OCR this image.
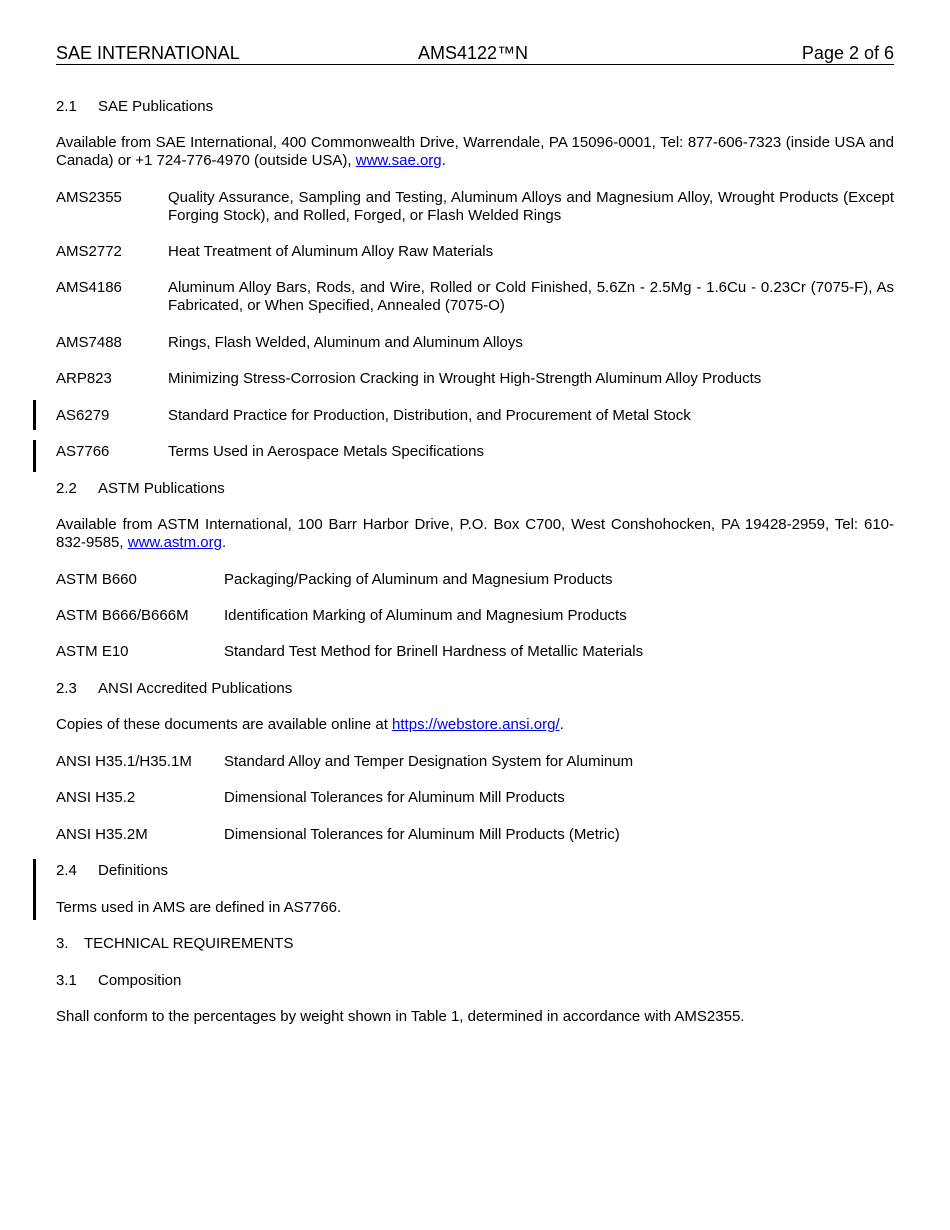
SAE INTERNATIONAL	AMS4122™N	Page 2 of 6
2.1 SAE Publications
Available from SAE International, 400 Commonwealth Drive, Warrendale, PA 15096-0001, Tel: 877-606-7323 (inside USA and Canada) or +1 724-776-4970 (outside USA), www.sae.org.
AMS2355	Quality Assurance, Sampling and Testing, Aluminum Alloys and Magnesium Alloy, Wrought Products (Except Forging Stock), and Rolled, Forged, or Flash Welded Rings
AMS2772	Heat Treatment of Aluminum Alloy Raw Materials
AMS4186	Aluminum Alloy Bars, Rods, and Wire, Rolled or Cold Finished, 5.6Zn - 2.5Mg - 1.6Cu - 0.23Cr (7075-F), As Fabricated, or When Specified, Annealed (7075-O)
AMS7488	Rings, Flash Welded, Aluminum and Aluminum Alloys
ARP823	Minimizing Stress-Corrosion Cracking in Wrought High-Strength Aluminum Alloy Products
AS6279	Standard Practice for Production, Distribution, and Procurement of Metal Stock
AS7766	Terms Used in Aerospace Metals Specifications
2.2 ASTM Publications
Available from ASTM International, 100 Barr Harbor Drive, P.O. Box C700, West Conshohocken, PA 19428-2959, Tel: 610-832-9585, www.astm.org.
ASTM B660	Packaging/Packing of Aluminum and Magnesium Products
ASTM B666/B666M Identification Marking of Aluminum and Magnesium Products
ASTM E10	Standard Test Method for Brinell Hardness of Metallic Materials
2.3 ANSI Accredited Publications
Copies of these documents are available online at https://webstore.ansi.org/.
ANSI H35.1/H35.1M Standard Alloy and Temper Designation System for Aluminum
ANSI H35.2	Dimensional Tolerances for Aluminum Mill Products
ANSI H35.2M	Dimensional Tolerances for Aluminum Mill Products (Metric)
2.4 Definitions
Terms used in AMS are defined in AS7766.
3. TECHNICAL REQUIREMENTS
3.1 Composition
Shall conform to the percentages by weight shown in Table 1, determined in accordance with AMS2355.
